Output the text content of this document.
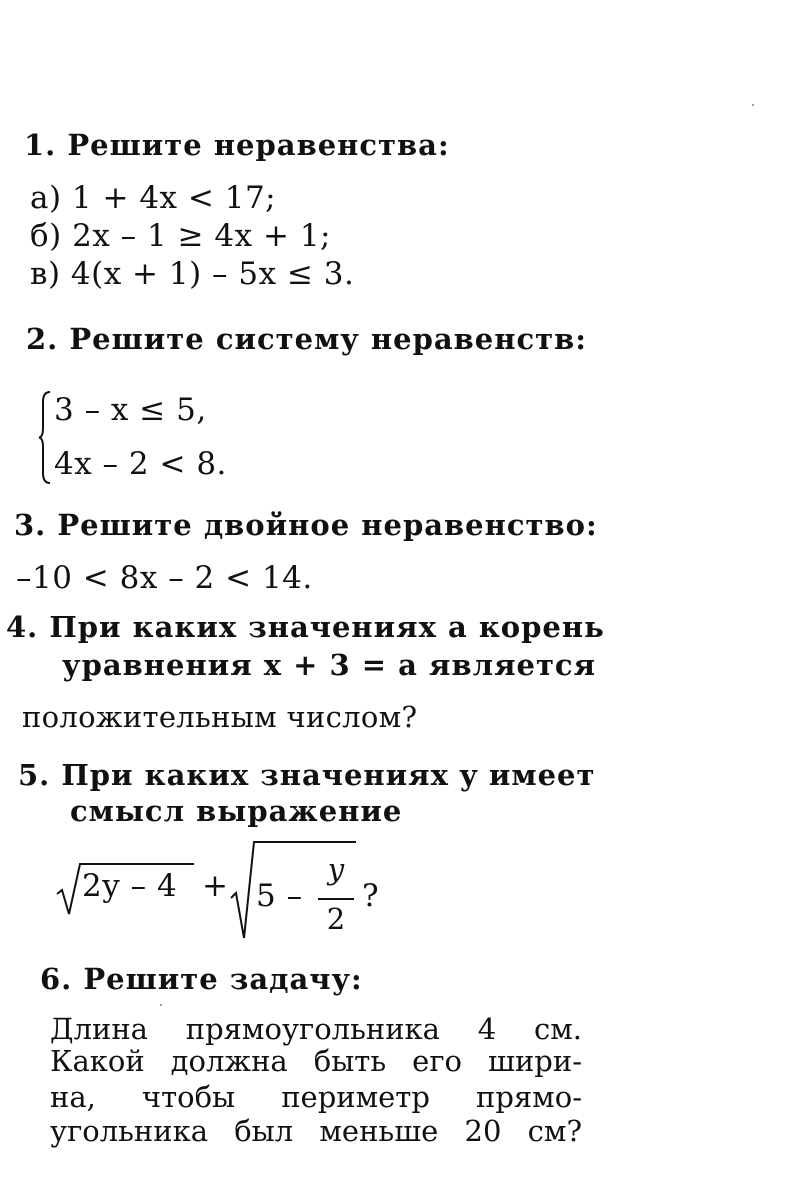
1. Решите неравенства:
а) 1 + 4x < 17;
б) 2x – 1 ≥ 4x + 1;
в) 4(x + 1) – 5x ≤ 3.
2. Решите систему неравенств:
3 – x ≤ 5,
4x – 2 < 8.
3. Решите двойное неравенство:
–10 < 8x – 2 < 14.
4. При каких значениях a корень
уравнения x + 3 = a является
положительным числом?
5. При каких значениях y имеет
смысл выражение
2y – 4 + 5 –
y
2
?
6. Решите задачу:
Длина прямоугольника 4 см.
Какой должна быть его шири-
на, чтобы периметр прямо-
угольника был меньше 20 см?
